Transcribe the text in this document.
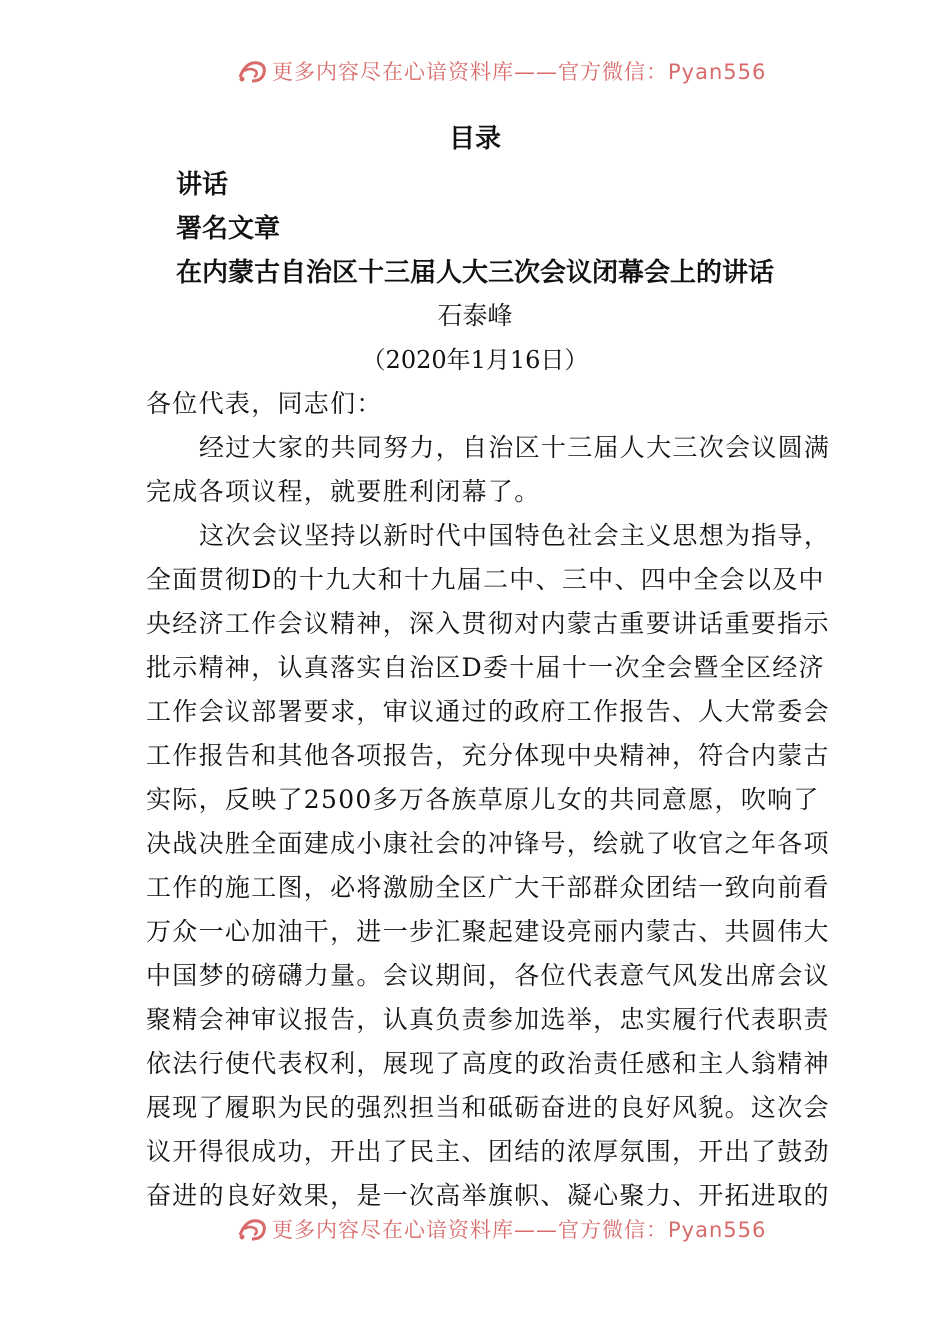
更多内容尽在心谙资料库——官方微信：Pyan556
目录
讲话
署名文章
在内蒙古自治区十三届人大三次会议闭幕会上的讲话
石泰峰
（2020年1月16日）
各位代表，同志们：
经过大家的共同努力，自治区十三届人大三次会议圆满
完成各项议程，就要胜利闭幕了。
这次会议坚持以新时代中国特色社会主义思想为指导，
全面贯彻D的十九大和十九届二中、三中、四中全会以及中
央经济工作会议精神，深入贯彻对内蒙古重要讲话重要指示
批示精神，认真落实自治区D委十届十一次全会暨全区经济
工作会议部署要求，审议通过的政府工作报告、人大常委会
工作报告和其他各项报告，充分体现中央精神，符合内蒙古
实际，反映了2500多万各族草原儿女的共同意愿，吹响了
决战决胜全面建成小康社会的冲锋号，绘就了收官之年各项
工作的施工图，必将激励全区广大干部群众团结一致向前看
万众一心加油干，进一步汇聚起建设亮丽内蒙古、共圆伟大
中国梦的磅礴力量。会议期间，各位代表意气风发出席会议
聚精会神审议报告，认真负责参加选举，忠实履行代表职责
依法行使代表权利，展现了高度的政治责任感和主人翁精神
展现了履职为民的强烈担当和砥砺奋进的良好风貌。这次会
议开得很成功，开出了民主、团结的浓厚氛围，开出了鼓劲
奋进的良好效果，是一次高举旗帜、凝心聚力、开拓进取的
更多内容尽在心谙资料库——官方微信：Pyan556
